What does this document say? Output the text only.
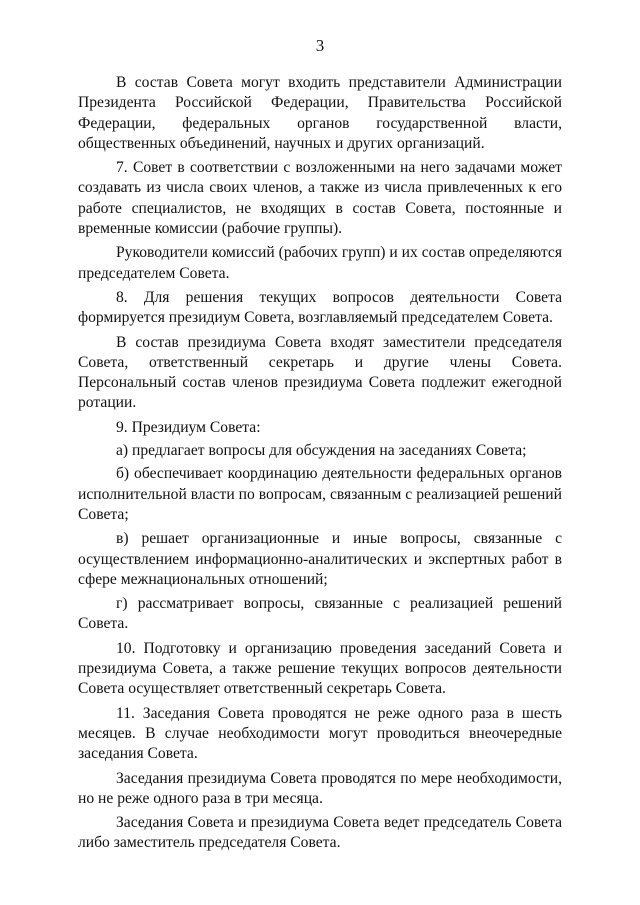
3

В состав Совета могут входить представители Администрации Президента Российской Федерации, Правительства Российской Федерации, федеральных органов государственной власти, общественных объединений, научных и других организаций.

7. Совет в соответствии с возложенными на него задачами может создавать из числа своих членов, а также из числа привлеченных к его работе специалистов, не входящих в состав Совета, постоянные и временные комиссии (рабочие группы).

Руководители комиссий (рабочих групп) и их состав определяются председателем Совета.

8. Для решения текущих вопросов деятельности Совета формируется президиум Совета, возглавляемый председателем Совета.

В состав президиума Совета входят заместители председателя Совета, ответственный секретарь и другие члены Совета. Персональный состав членов президиума Совета подлежит ежегодной ротации.

9. Президиум Совета:

а) предлагает вопросы для обсуждения на заседаниях Совета;

б) обеспечивает координацию деятельности федеральных органов исполнительной власти по вопросам, связанным с реализацией решений Совета;

в) решает организационные и иные вопросы, связанные с осуществлением информационно-аналитических и экспертных работ в сфере межнациональных отношений;

г) рассматривает вопросы, связанные с реализацией решений Совета.

10. Подготовку и организацию проведения заседаний Совета и президиума Совета, а также решение текущих вопросов деятельности Совета осуществляет ответственный секретарь Совета.

11. Заседания Совета проводятся не реже одного раза в шесть месяцев. В случае необходимости могут проводиться внеочередные заседания Совета.

Заседания президиума Совета проводятся по мере необходимости, но не реже одного раза в три месяца.

Заседания Совета и президиума Совета ведет председатель Совета либо заместитель председателя Совета.
